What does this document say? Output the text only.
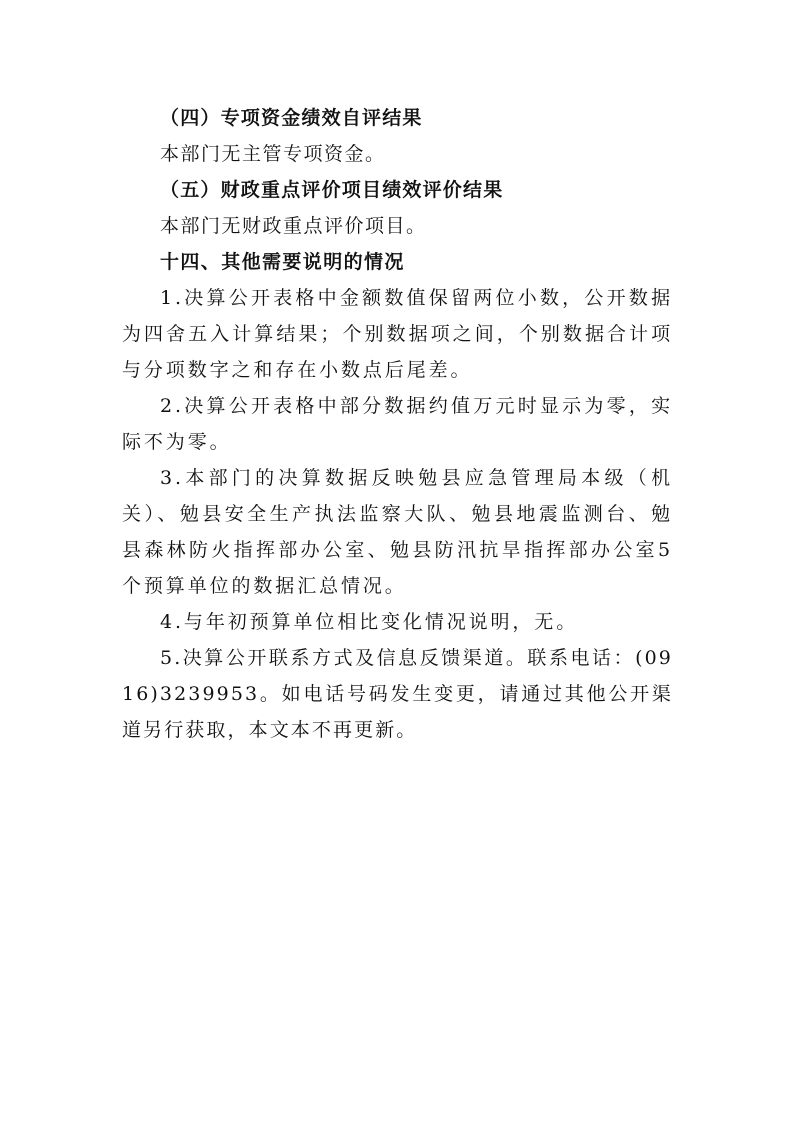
（四）专项资金绩效自评结果

本部门无主管专项资金。

（五）财政重点评价项目绩效评价结果

本部门无财政重点评价项目。

十四、其他需要说明的情况

1.决算公开表格中金额数值保留两位小数，公开数据为四舍五入计算结果；个别数据项之间，个别数据合计项与分项数字之和存在小数点后尾差。

2.决算公开表格中部分数据约值万元时显示为零，实际不为零。

3.本部门的决算数据反映勉县应急管理局本级（机关）、勉县安全生产执法监察大队、勉县地震监测台、勉县森林防火指挥部办公室、勉县防汛抗旱指挥部办公室5个预算单位的数据汇总情况。

4.与年初预算单位相比变化情况说明，无。

5.决算公开联系方式及信息反馈渠道。联系电话：(0916)3239953。如电话号码发生变更，请通过其他公开渠道另行获取，本文本不再更新。
